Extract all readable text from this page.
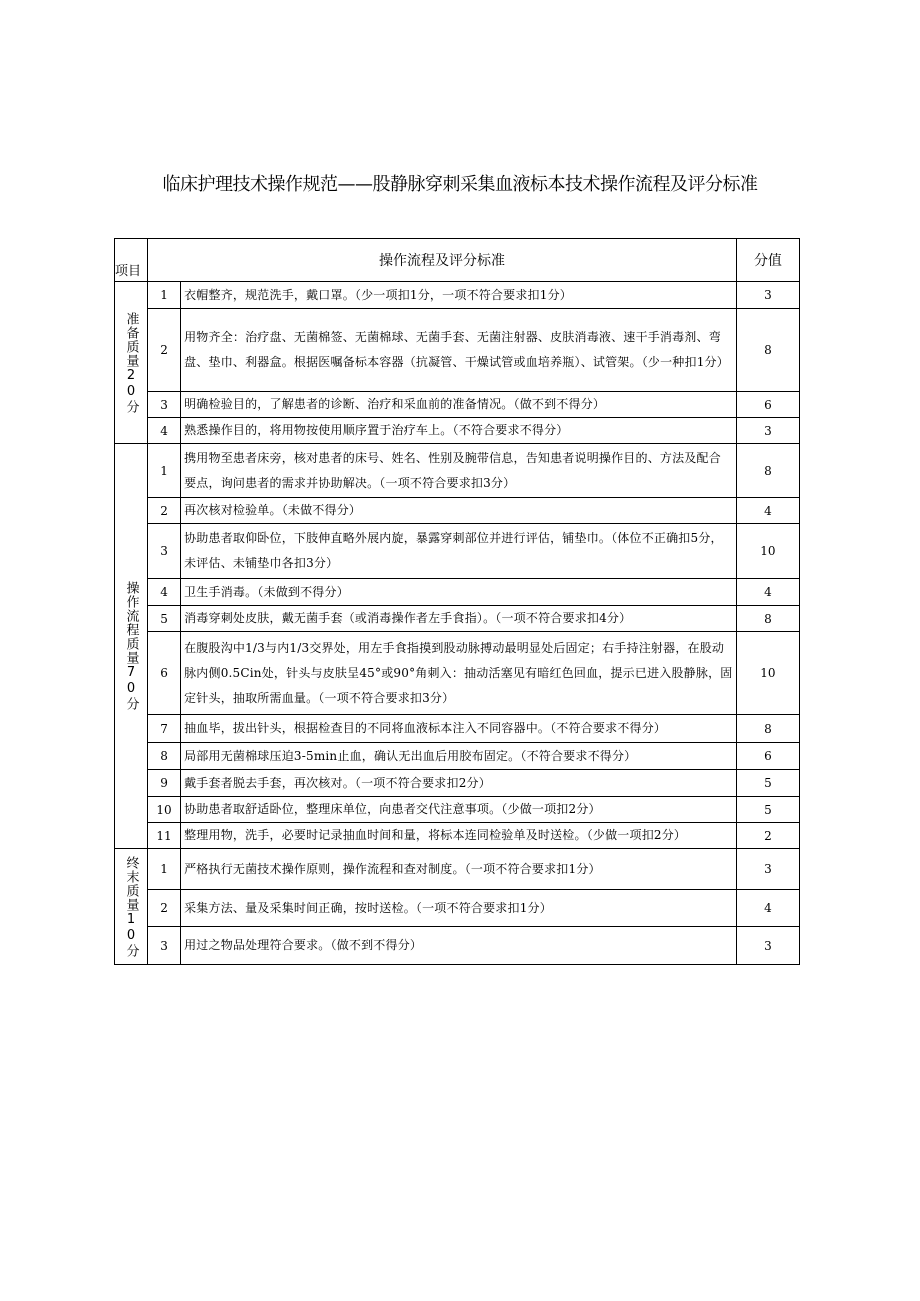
临床护理技术操作规范——股静脉穿刺采集血液标本技术操作流程及评分标准
项目	操作流程及评分标准		分值

准备质量20分	1	衣帽整齐，规范洗手，戴口罩。（少一项扣1分，一项不符合要求扣1分）	3
	2	用物齐全：治疗盘、无菌棉签、无菌棉球、无菌手套、无菌注射器、皮肤消毒液、速干手消毒剂、弯盘、垫巾、利器盒。根据医嘱备标本容器（抗凝管、干燥试管或血培养瓶）、试管架。（少一种扣1分）	8
	3	明确检验目的，了解患者的诊断、治疗和采血前的准备情况。（做不到不得分）	6
	4	熟悉操作目的，将用物按使用顺序置于治疗车上。（不符合要求不得分）	3

操作流程质量70分	1	携用物至患者床旁，核对患者的床号、姓名、性别及腕带信息，告知患者说明操作目的、方法及配合要点，询问患者的需求并协助解决。（一项不符合要求扣3分）	8
	2	再次核对检验单。（未做不得分）	4
	3	协助患者取仰卧位，下肢伸直略外展内旋，暴露穿刺部位并进行评估，铺垫巾。（体位不正确扣5分，未评估、未铺垫巾各扣3分）	10
	4	卫生手消毒。（未做到不得分）	4
	5	消毒穿刺处皮肤，戴无菌手套（或消毒操作者左手食指）。（一项不符合要求扣4分）	8
	6	在腹股沟中1/3与内1/3交界处，用左手食指摸到股动脉搏动最明显处后固定；右手持注射器，在股动脉内侧0.5Cin处，针头与皮肤呈45°或90°角刺入：抽动活塞见有暗红色回血，提示已进入股静脉，固定针头，抽取所需血量。（一项不符合要求扣3分）	10
	7	抽血毕，拔出针头，根据检查目的不同将血液标本注入不同容器中。（不符合要求不得分）	8
	8	局部用无菌棉球压迫3-5min止血，确认无出血后用胶布固定。（不符合要求不得分）	6
	9	戴手套者脱去手套，再次核对。（一项不符合要求扣2分）	5
	10	协助患者取舒适卧位，整理床单位，向患者交代注意事项。（少做一项扣2分）	5
	11	整理用物，洗手，必要时记录抽血时间和量，将标本连同检验单及时送检。（少做一项扣2分）	2

终末质量10分	1	严格执行无菌技术操作原则，操作流程和查对制度。（一项不符合要求扣1分）	3
	2	采集方法、量及采集时间正确，按时送检。（一项不符合要求扣1分）	4
	3	用过之物品处理符合要求。（做不到不得分）	3
